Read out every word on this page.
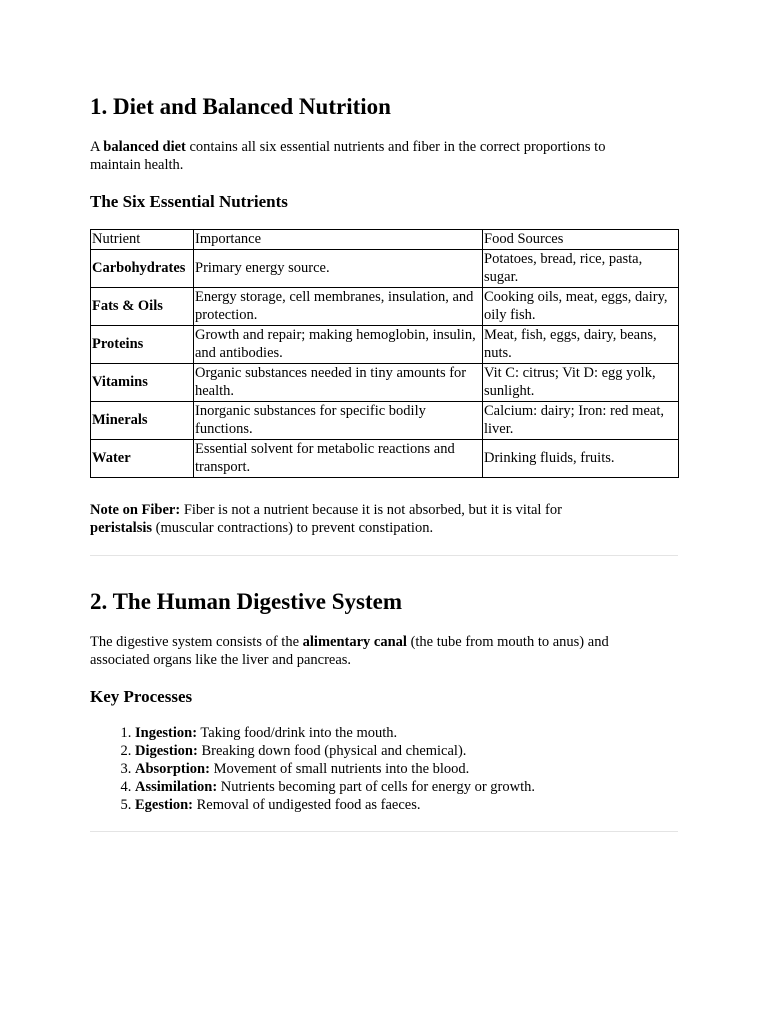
1. Diet and Balanced Nutrition

A balanced diet contains all six essential nutrients and fiber in the correct proportions to maintain health.

The Six Essential Nutrients
Nutrient	Importance	Food Sources
Carbohydrates	Primary energy source.	Potatoes, bread, rice, pasta, sugar.
Fats & Oils	Energy storage, cell membranes, insulation, and protection.	Cooking oils, meat, eggs, dairy, oily fish.
Proteins	Growth and repair; making hemoglobin, insulin, and antibodies.	Meat, fish, eggs, dairy, beans, nuts.
Vitamins	Organic substances needed in tiny amounts for health.	Vit C: citrus; Vit D: egg yolk, sunlight.
Minerals	Inorganic substances for specific bodily functions.	Calcium: dairy; Iron: red meat, liver.
Water	Essential solvent for metabolic reactions and transport.	Drinking fluids, fruits.

Note on Fiber: Fiber is not a nutrient because it is not absorbed, but it is vital for peristalsis (muscular contractions) to prevent constipation.

2. The Human Digestive System

The digestive system consists of the alimentary canal (the tube from mouth to anus) and associated organs like the liver and pancreas.

Key Processes
1. Ingestion: Taking food/drink into the mouth.
2. Digestion: Breaking down food (physical and chemical).
3. Absorption: Movement of small nutrients into the blood.
4. Assimilation: Nutrients becoming part of cells for energy or growth.
5. Egestion: Removal of undigested food as faeces.
